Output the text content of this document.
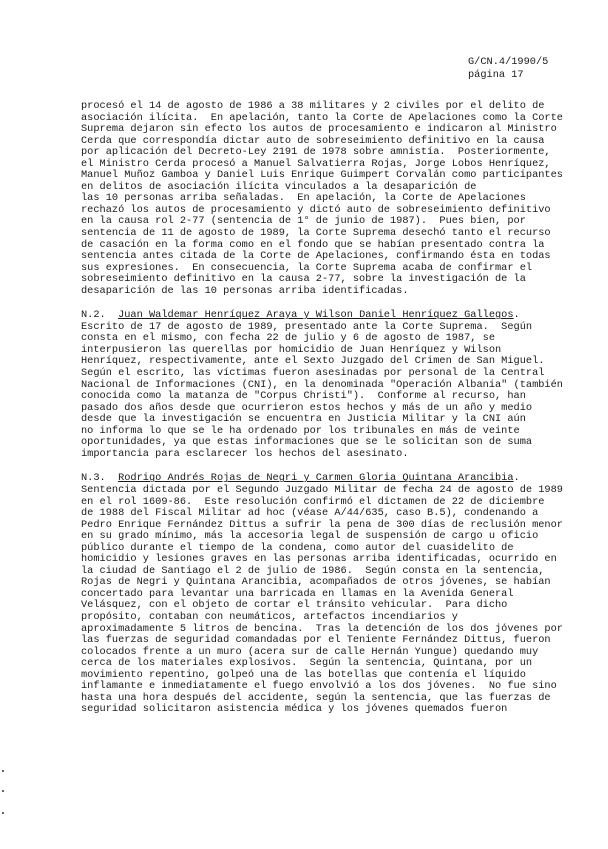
G/CN.4/1990/5
página 17
procesó el 14 de agosto de 1986 a 38 militares y 2 civiles por el delito de
asociación ilícita.  En apelación, tanto la Corte de Apelaciones como la Corte
Suprema dejaron sin efecto los autos de procesamiento e indicaron al Ministro
Cerda que correspondía dictar auto de sobreseimiento definitivo en la causa
por aplicación del Decreto-Ley 2191 de 1978 sobre amnistía.  Posteriormente,
el Ministro Cerda procesó a Manuel Salvatierra Rojas, Jorge Lobos Henríquez,
Manuel Muñoz Gamboa y Daniel Luis Enrique Guimpert Corvalán como participantes
en delitos de asociación ilícita vinculados a la desaparición de
las 10 personas arriba señaladas.  En apelación, la Corte de Apelaciones
rechazó los autos de procesamiento y dictó auto de sobreseimiento definitivo
en la causa rol 2-77 (sentencia de 1° de junio de 1987).  Pues bien, por
sentencia de 11 de agosto de 1989, la Corte Suprema desechó tanto el recurso
de casación en la forma como en el fondo que se habían presentado contra la
sentencia antes citada de la Corte de Apelaciones, confirmando ésta en todas
sus expresiones.  En consecuencia, la Corte Suprema acaba de confirmar el
sobreseimiento definitivo en la causa 2-77, sobre la investigación de la
desaparición de las 10 personas arriba identificadas.
N.2. Juan Waldemar Henríquez Araya y Wilson Daniel Henríquez Gallegos.
Escrito de 17 de agosto de 1989, presentado ante la Corte Suprema.  Según
consta en el mismo, con fecha 22 de julio y 6 de agosto de 1987, se
interpusieron las querellas por homicidio de Juan Henríquez y Wilson
Henríquez, respectivamente, ante el Sexto Juzgado del Crimen de San Miguel.
Según el escrito, las víctimas fueron asesinadas por personal de la Central
Nacional de Informaciones (CNI), en la denominada "Operación Albania" (también
conocida como la matanza de "Corpus Christi").  Conforme al recurso, han
pasado dos años desde que ocurrieron estos hechos y más de un año y medio
desde que la investigación se encuentra en Justicia Militar y la CNI aún
no informa lo que se le ha ordenado por los tribunales en más de veinte
oportunidades, ya que estas informaciones que se le solicitan son de suma
importancia para esclarecer los hechos del asesinato.
N.3. Rodrigo Andrés Rojas de Negri y Carmen Gloria Quintana Arancibia.
Sentencia dictada por el Segundo Juzgado Militar de fecha 24 de agosto de 1989
en el rol 1609-86.  Este resolución confirmó el dictamen de 22 de diciembre
de 1988 del Fiscal Militar ad hoc (véase A/44/635, caso B.5), condenando a
Pedro Enrique Fernández Dittus a sufrir la pena de 300 días de reclusión menor
en su grado mínimo, más la accesoria legal de suspensión de cargo u oficio
público durante el tiempo de la condena, como autor del cuasidelito de
homicidio y lesiones graves en las personas arriba identificadas, ocurrido en
la ciudad de Santiago el 2 de julio de 1986.  Según consta en la sentencia,
Rojas de Negri y Quintana Arancibia, acompañados de otros jóvenes, se habían
concertado para levantar una barricada en llamas en la Avenida General
Velásquez, con el objeto de cortar el tránsito vehicular.  Para dicho
propósito, contaban con neumáticos, artefactos incendiarios y
aproximadamente 5 litros de bencina.  Tras la detención de los dos jóvenes por
las fuerzas de seguridad comandadas por el Teniente Fernández Dittus, fueron
colocados frente a un muro (acera sur de calle Hernán Yungue) quedando muy
cerca de los materiales explosivos.  Según la sentencia, Quintana, por un
movimiento repentino, golpeó una de las botellas que contenía el líquido
inflamante e inmediatamente el fuego envolvió a los dos jóvenes.  No fue sino
hasta una hora después del accidente, según la sentencia, que las fuerzas de
seguridad solicitaron asistencia médica y los jóvenes quemados fueron
